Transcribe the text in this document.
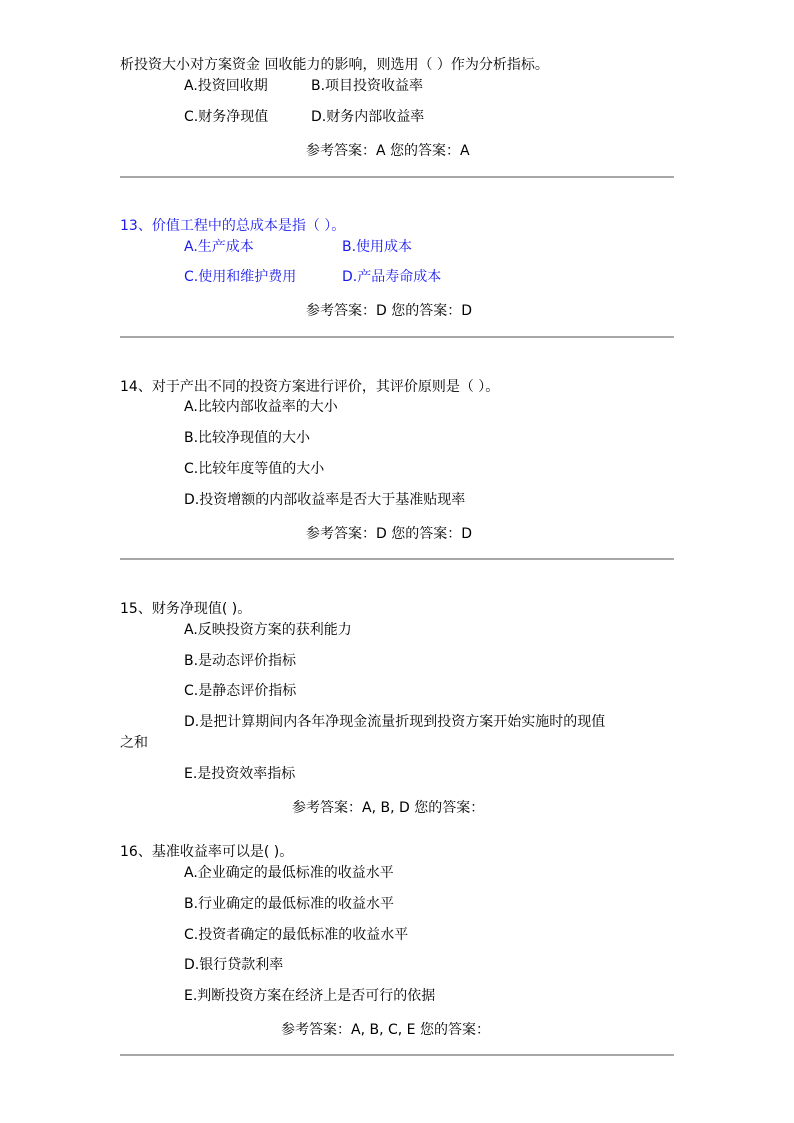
析投资大小对方案资金 回收能力的影响，则选用（ ）作为分析指标。
A.投资回收期	B.项目投资收益率
C.财务净现值	D.财务内部收益率
参考答案：A 您的答案：A
13、价值工程中的总成本是指（ ）。
A.生产成本	B.使用成本
C.使用和维护费用	D.产品寿命成本
参考答案：D 您的答案：D
14、对于产出不同的投资方案进行评价，其评价原则是（ ）。
A.比较内部收益率的大小
B.比较净现值的大小
C.比较年度等值的大小
D.投资增额的内部收益率是否大于基准贴现率
参考答案：D 您的答案：D
15、财务净现值( )。
A.反映投资方案的获利能力
B.是动态评价指标
C.是静态评价指标
D.是把计算期间内各年净现金流量折现到投资方案开始实施时的现值
之和
E.是投资效率指标
参考答案：A, B, D 您的答案：
16、基准收益率可以是( )。
A.企业确定的最低标准的收益水平
B.行业确定的最低标准的收益水平
C.投资者确定的最低标准的收益水平
D.银行贷款利率
E.判断投资方案在经济上是否可行的依据
参考答案：A, B, C, E 您的答案：
